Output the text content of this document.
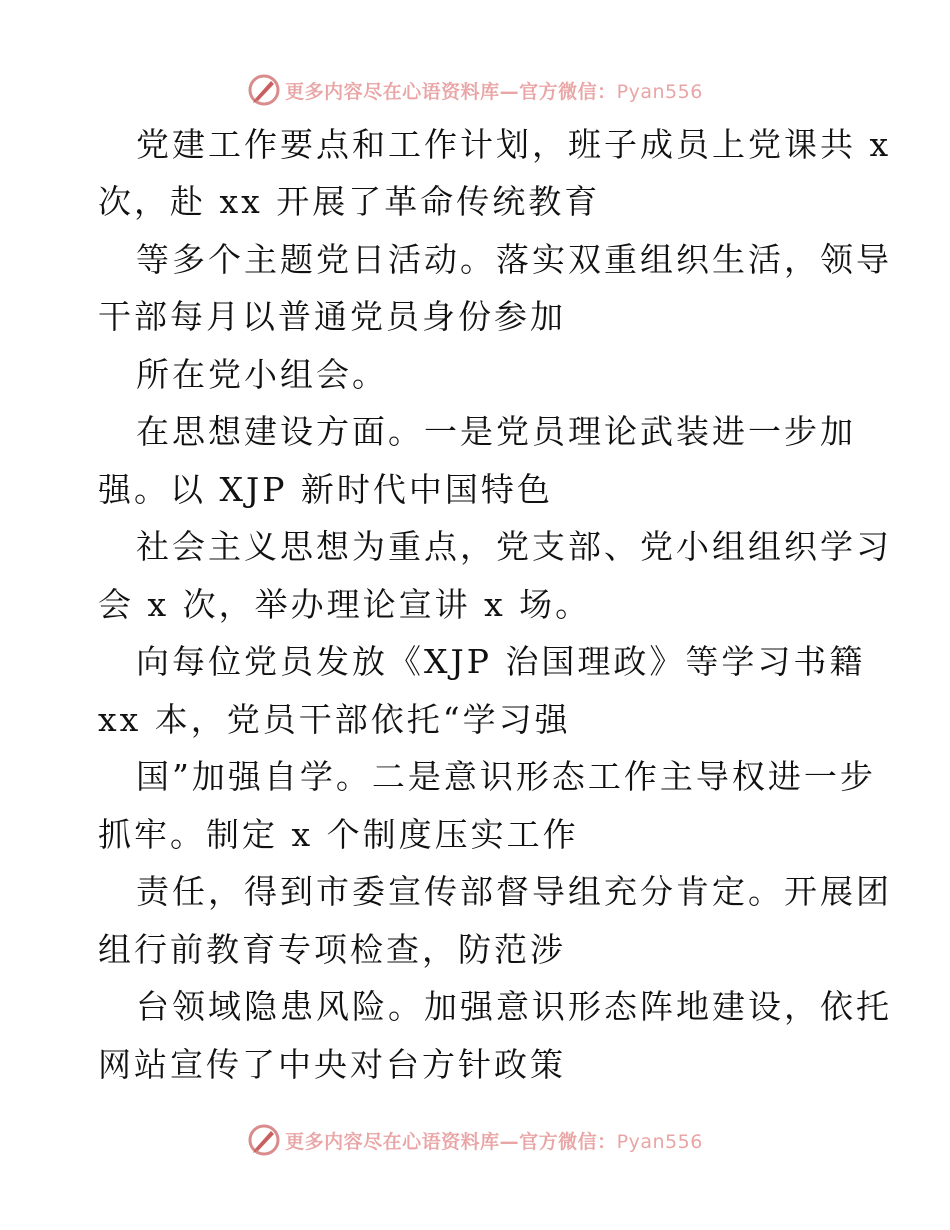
更多内容尽在心语资料库—官方微信：Pyan556
党建工作要点和工作计划，班子成员上党课共 x
次，赴 xx 开展了革命传统教育
等多个主题党日活动。落实双重组织生活，领导
干部每月以普通党员身份参加
所在党小组会。
在思想建设方面。一是党员理论武装进一步加
强。以 XJP 新时代中国特色
社会主义思想为重点，党支部、党小组组织学习
会 x 次，举办理论宣讲 x 场。
向每位党员发放《XJP 治国理政》等学习书籍
xx 本，党员干部依托“学习强
国”加强自学。二是意识形态工作主导权进一步
抓牢。制定 x 个制度压实工作
责任，得到市委宣传部督导组充分肯定。开展团
组行前教育专项检查，防范涉
台领域隐患风险。加强意识形态阵地建设，依托
网站宣传了中央对台方针政策
更多内容尽在心语资料库—官方微信：Pyan556
